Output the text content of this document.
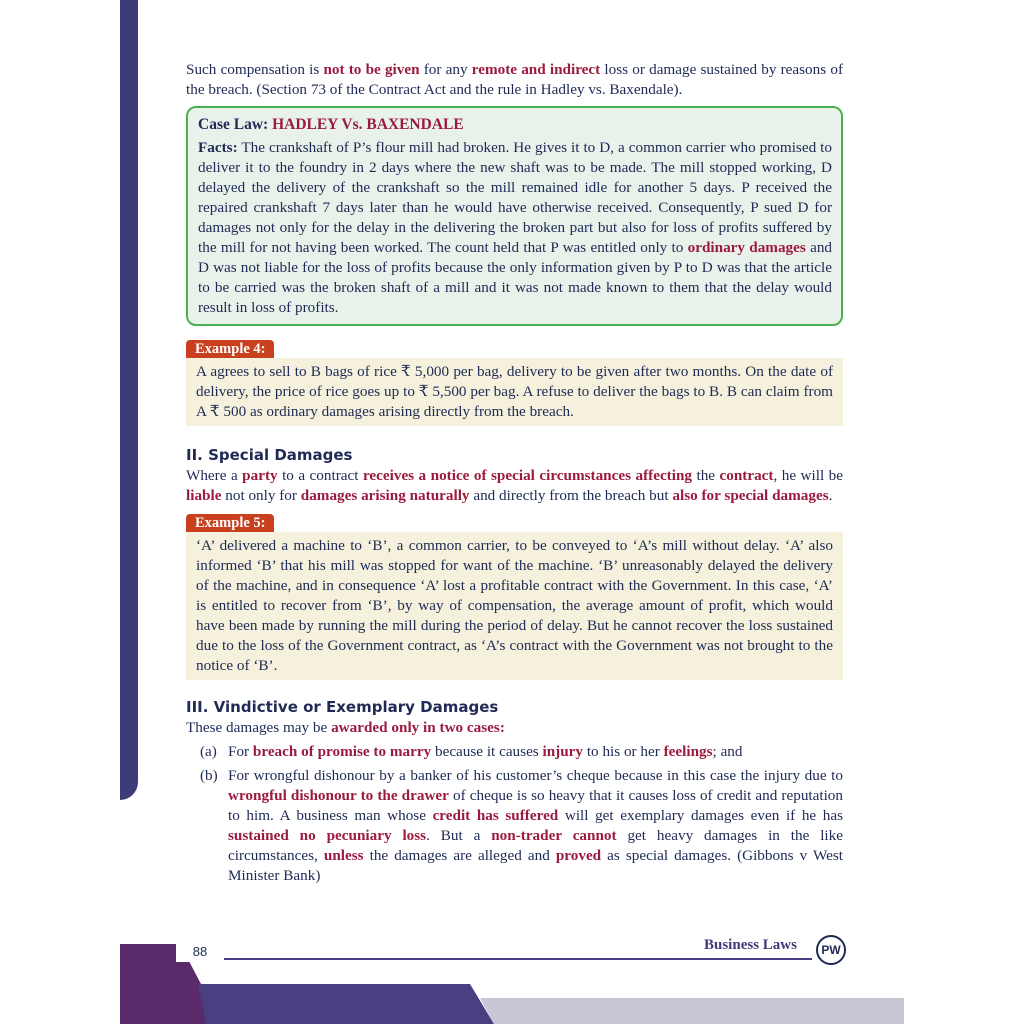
Such compensation is not to be given for any remote and indirect loss or damage sustained by reasons of the breach. (Section 73 of the Contract Act and the rule in Hadley vs. Baxendale).

Case Law: HADLEY Vs. BAXENDALE

Facts: The crankshaft of P’s flour mill had broken. He gives it to D, a common carrier who promised to deliver it to the foundry in 2 days where the new shaft was to be made. The mill stopped working, D delayed the delivery of the crankshaft so the mill remained idle for another 5 days. P received the repaired crankshaft 7 days later than he would have otherwise received. Consequently, P sued D for damages not only for the delay in the delivering the broken part but also for loss of profits suffered by the mill for not having been worked. The count held that P was entitled only to ordinary damages and D was not liable for the loss of profits because the only information given by P to D was that the article to be carried was the broken shaft of a mill and it was not made known to them that the delay would result in loss of profits.

Example 4:

A agrees to sell to B bags of rice ₹ 5,000 per bag, delivery to be given after two months. On the date of delivery, the price of rice goes up to ₹ 5,500 per bag. A refuse to deliver the bags to B. B can claim from A ₹ 500 as ordinary damages arising directly from the breach.

II. Special Damages

Where a party to a contract receives a notice of special circumstances affecting the contract, he will be liable not only for damages arising naturally and directly from the breach but also for special damages.

Example 5:

‘A’ delivered a machine to ‘B’, a common carrier, to be conveyed to ‘A’s mill without delay. ‘A’ also informed ‘B’ that his mill was stopped for want of the machine. ‘B’ unreasonably delayed the delivery of the machine, and in consequence ‘A’ lost a profitable contract with the Government. In this case, ‘A’ is entitled to recover from ‘B’, by way of compensation, the average amount of profit, which would have been made by running the mill during the period of delay. But he cannot recover the loss sustained due to the loss of the Government contract, as ‘A’s contract with the Government was not brought to the notice of ‘B’.

III. Vindictive or Exemplary Damages

These damages may be awarded only in two cases:

(a) For breach of promise to marry because it causes injury to his or her feelings; and
(b) For wrongful dishonour by a banker of his customer’s cheque because in this case the injury due to wrongful dishonour to the drawer of cheque is so heavy that it causes loss of credit and reputation to him. A business man whose credit has suffered will get exemplary damages even if he has sustained no pecuniary loss. But a non-trader cannot get heavy damages in the like circumstances, unless the damages are alleged and proved as special damages. (Gibbons v West Minister Bank)
88	Business Laws	PW
